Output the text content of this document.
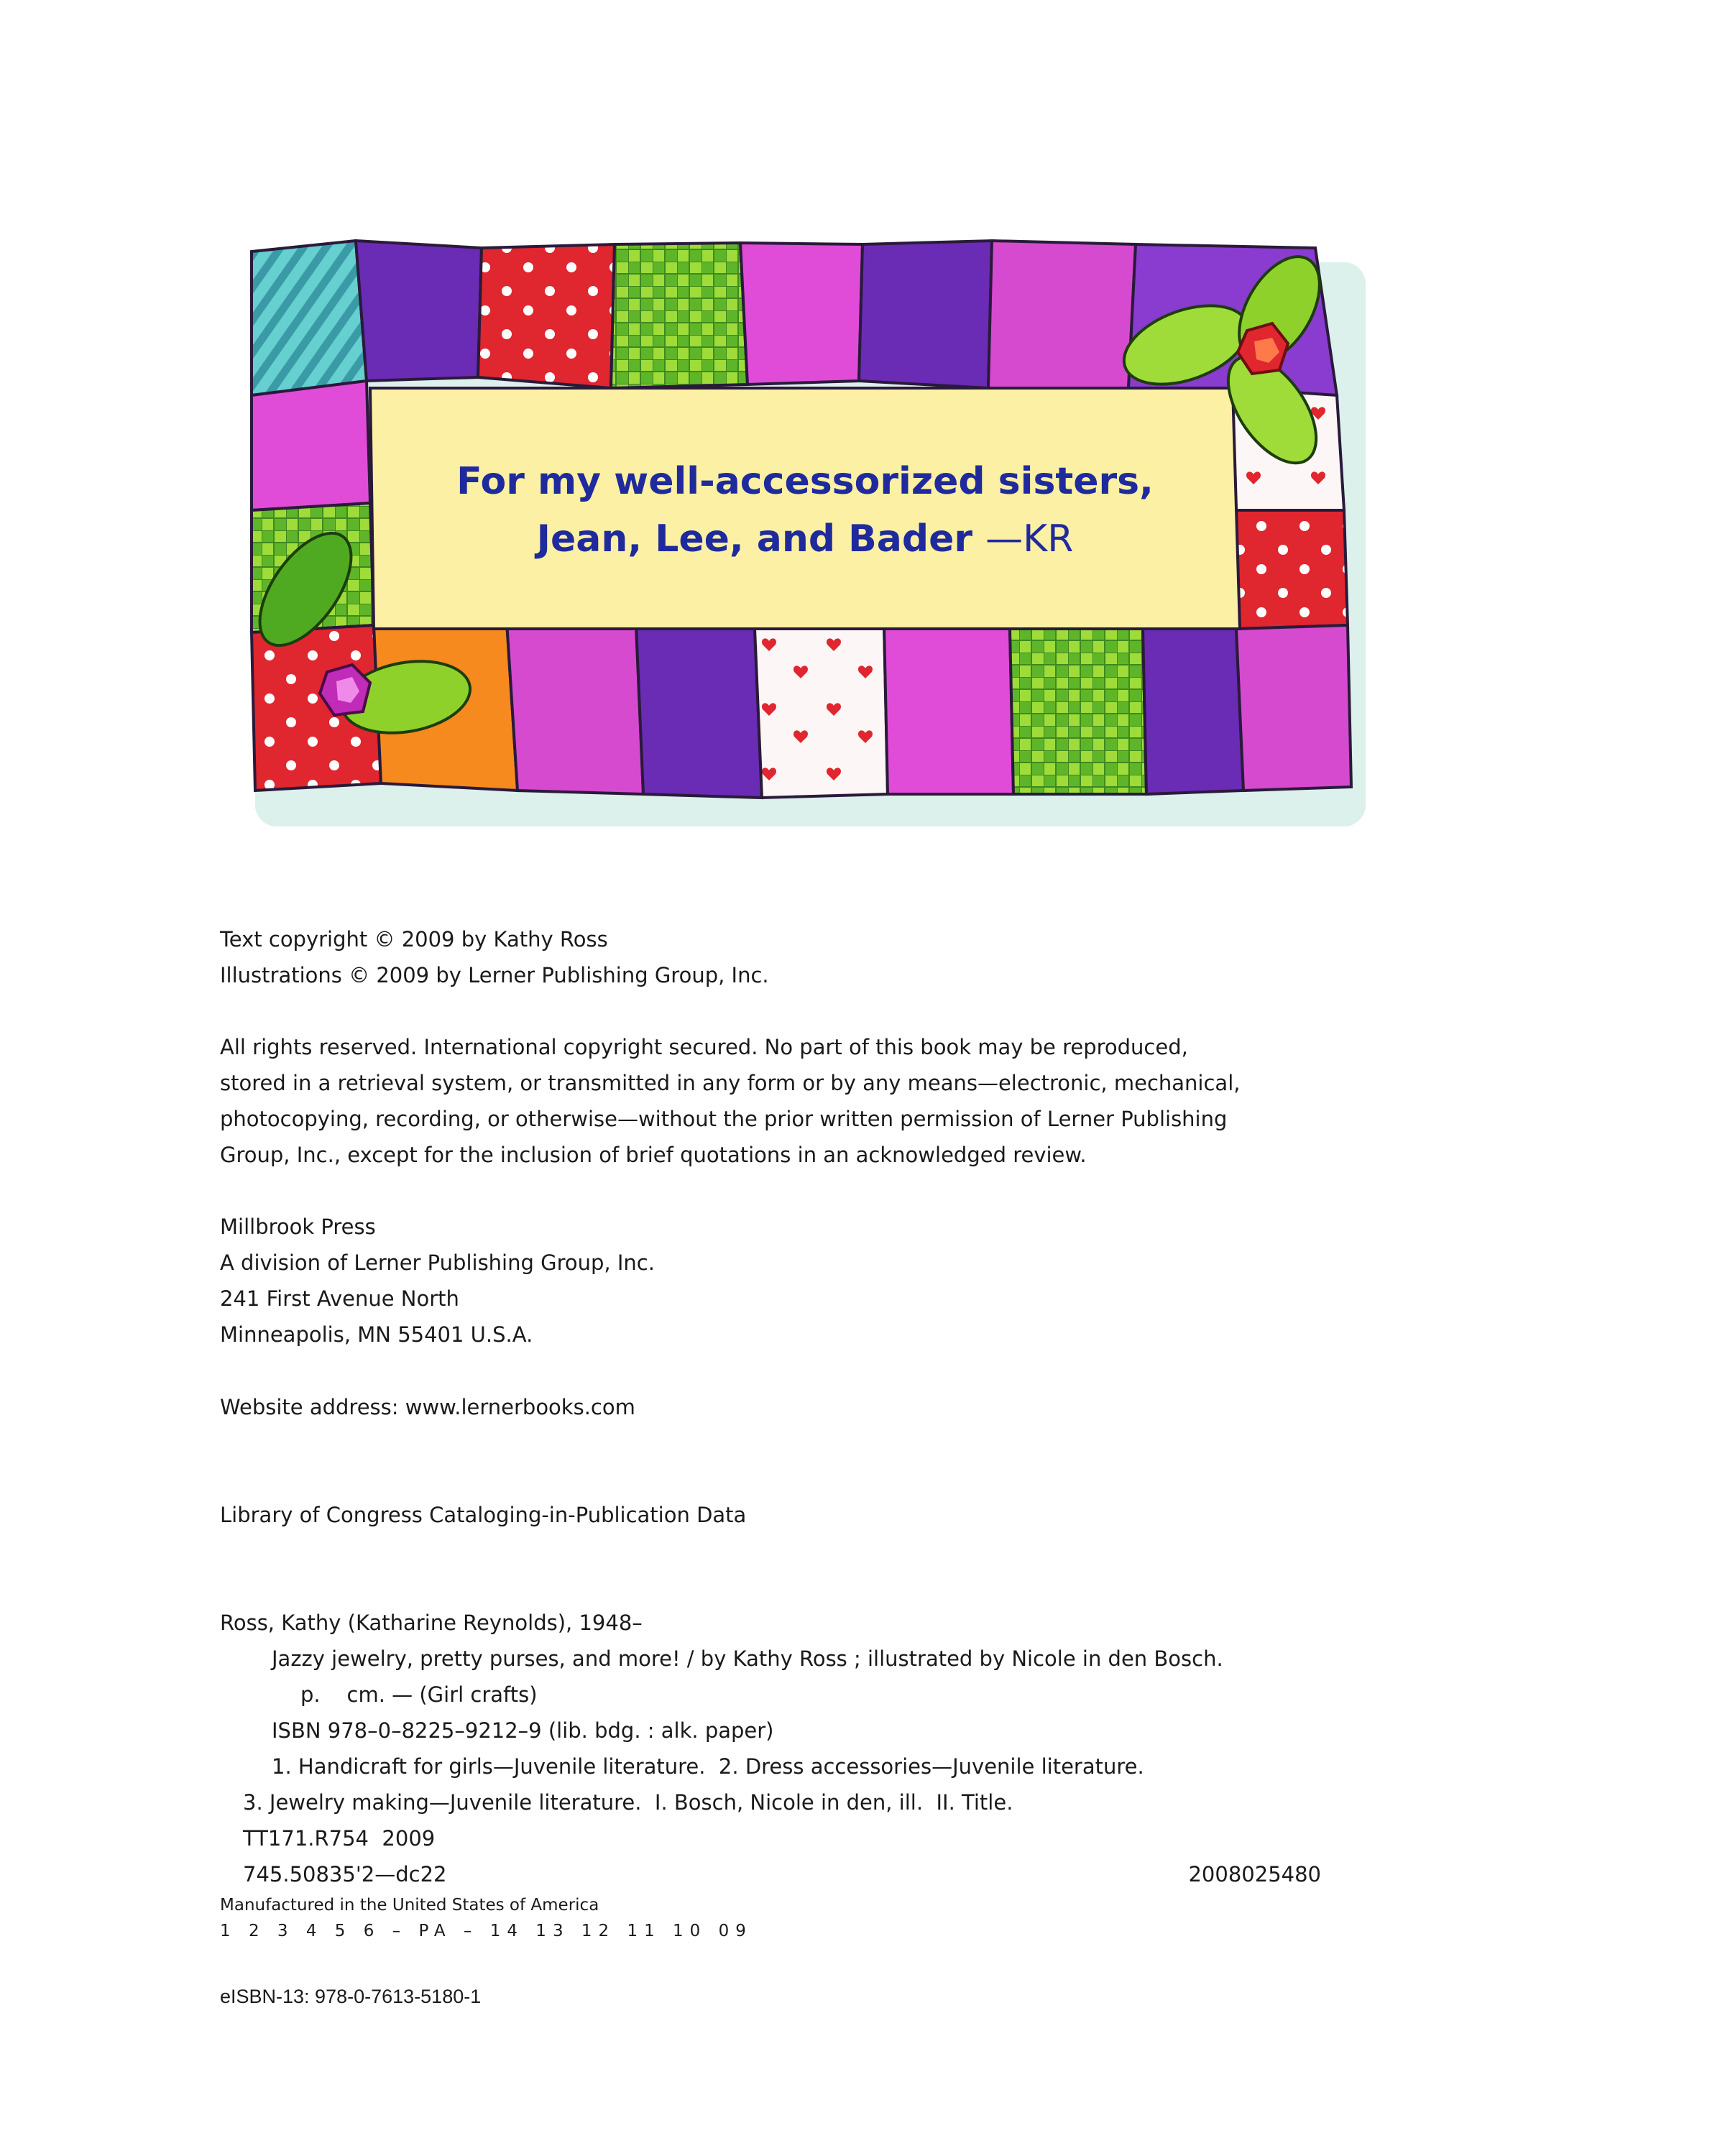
For my well-accessorized sisters,
Jean, Lee, and Bader —KR
Text copyright © 2009 by Kathy Ross
Illustrations © 2009 by Lerner Publishing Group, Inc.
All rights reserved. International copyright secured. No part of this book may be reproduced,
stored in a retrieval system, or transmitted in any form or by any means—electronic, mechanical,
photocopying, recording, or otherwise—without the prior written permission of Lerner Publishing
Group, Inc., except for the inclusion of brief quotations in an acknowledged review.
Millbrook Press
A division of Lerner Publishing Group, Inc.
241 First Avenue North
Minneapolis, MN 55401 U.S.A.
Website address: www.lernerbooks.com
Library of Congress Cataloging-in-Publication Data
Ross, Kathy (Katharine Reynolds), 1948–
Jazzy jewelry, pretty purses, and more! / by Kathy Ross ; illustrated by Nicole in den Bosch.
p.    cm. — (Girl crafts)
ISBN 978–0–8225–9212–9 (lib. bdg. : alk. paper)
1. Handicraft for girls—Juvenile literature.  2. Dress accessories—Juvenile literature.
3. Jewelry making—Juvenile literature.  I. Bosch, Nicole in den, ill.  II. Title.
TT171.R754  2009
745.50835'2—dc22	2008025480
Manufactured in the United States of America
1 2 3 4 5 6 – PA – 14 13 12 11 10 09
eISBN-13: 978-0-7613-5180-1
